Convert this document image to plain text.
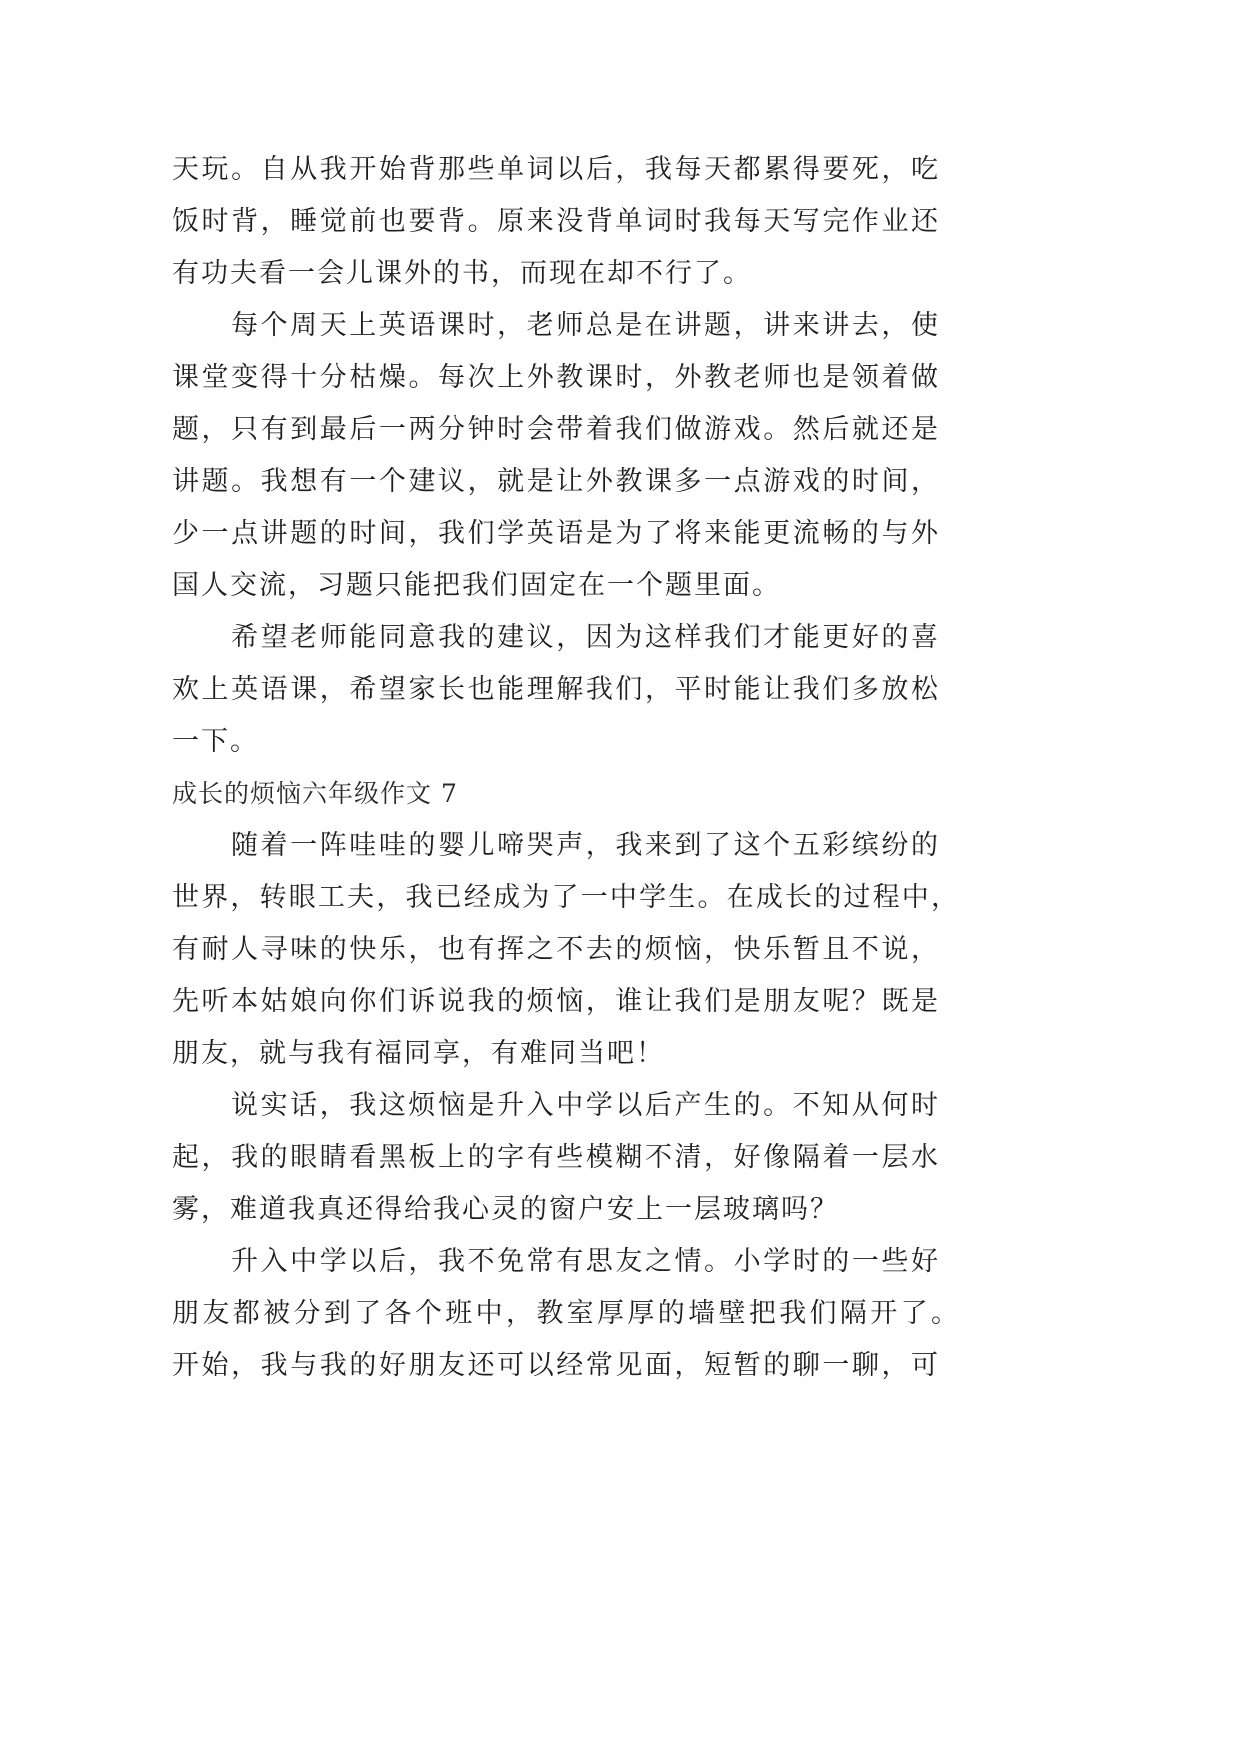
天玩。自从我开始背那些单词以后，我每天都累得要死，吃
饭时背，睡觉前也要背。原来没背单词时我每天写完作业还
有功夫看一会儿课外的书，而现在却不行了。
每个周天上英语课时，老师总是在讲题，讲来讲去，使
课堂变得十分枯燥。每次上外教课时，外教老师也是领着做
题，只有到最后一两分钟时会带着我们做游戏。然后就还是
讲题。我想有一个建议，就是让外教课多一点游戏的时间，
少一点讲题的时间，我们学英语是为了将来能更流畅的与外
国人交流，习题只能把我们固定在一个题里面。
希望老师能同意我的建议，因为这样我们才能更好的喜
欢上英语课，希望家长也能理解我们，平时能让我们多放松
一下。
成长的烦恼六年级作文 7
随着一阵哇哇的婴儿啼哭声，我来到了这个五彩缤纷的
世界，转眼工夫，我已经成为了一中学生。在成长的过程中，
有耐人寻味的快乐，也有挥之不去的烦恼，快乐暂且不说，
先听本姑娘向你们诉说我的烦恼，谁让我们是朋友呢？既是
朋友，就与我有福同享，有难同当吧！
说实话，我这烦恼是升入中学以后产生的。不知从何时
起，我的眼睛看黑板上的字有些模糊不清，好像隔着一层水
雾，难道我真还得给我心灵的窗户安上一层玻璃吗？
升入中学以后，我不免常有思友之情。小学时的一些好
朋友都被分到了各个班中，教室厚厚的墙壁把我们隔开了。
开始，我与我的好朋友还可以经常见面，短暂的聊一聊，可
